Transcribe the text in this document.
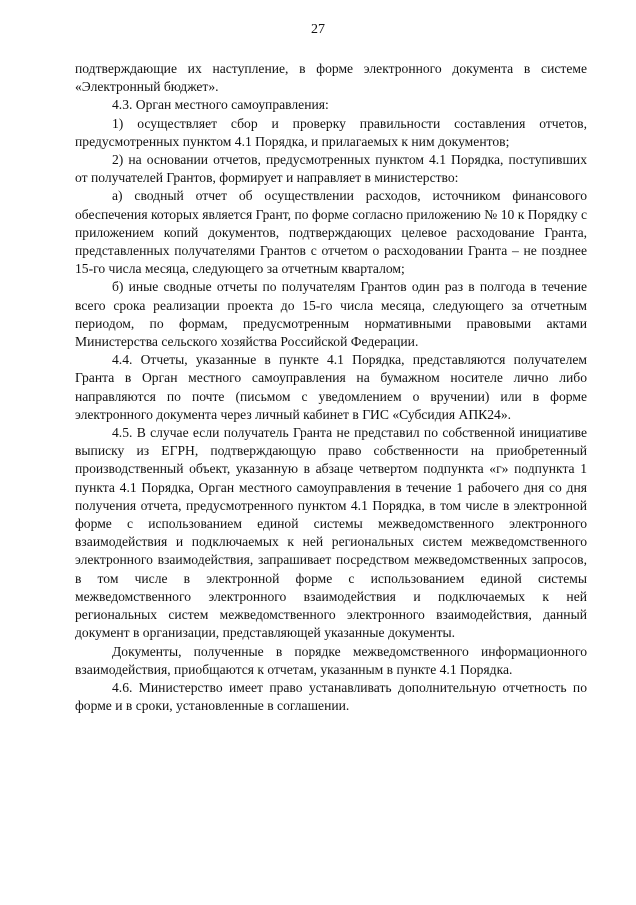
27

подтверждающие их наступление, в форме электронного документа в системе «Электронный бюджет».

4.3. Орган местного самоуправления:

1) осуществляет сбор и проверку правильности составления отчетов, предусмотренных пунктом 4.1 Порядка, и прилагаемых к ним документов;

2) на основании отчетов, предусмотренных пунктом 4.1 Порядка, поступивших от получателей Грантов, формирует и направляет в министерство:

а) сводный отчет об осуществлении расходов, источником финансового обеспечения которых является Грант, по форме согласно приложению № 10 к Порядку с приложением копий документов, подтверждающих целевое расходование Гранта, представленных получателями Грантов с отчетом о расходовании Гранта – не позднее 15-го числа месяца, следующего за отчетным кварталом;

б) иные сводные отчеты по получателям Грантов один раз в полгода в течение всего срока реализации проекта до 15-го числа месяца, следующего за отчетным периодом, по формам, предусмотренным нормативными правовыми актами Министерства сельского хозяйства Российской Федерации.

4.4. Отчеты, указанные в пункте 4.1 Порядка, представляются получателем Гранта в Орган местного самоуправления на бумажном носителе лично либо направляются по почте (письмом с уведомлением о вручении) или в форме электронного документа через личный кабинет в ГИС «Субсидия АПК24».

4.5. В случае если получатель Гранта не представил по собственной инициативе выписку из ЕГРН, подтверждающую право собственности на приобретенный производственный объект, указанную в абзаце четвертом подпункта «г» подпункта 1 пункта 4.1 Порядка, Орган местного самоуправления в течение 1 рабочего дня со дня получения отчета, предусмотренного пунктом 4.1 Порядка, в том числе в электронной форме с использованием единой системы межведомственного электронного взаимодействия и подключаемых к ней региональных систем межведомственного электронного взаимодействия, запрашивает посредством межведомственных запросов, в том числе в электронной форме с использованием единой системы межведомственного электронного взаимодействия и подключаемых к ней региональных систем межведомственного электронного взаимодействия, данный документ в организации, представляющей указанные документы.

Документы, полученные в порядке межведомственного информационного взаимодействия, приобщаются к отчетам, указанным в пункте 4.1 Порядка.

4.6. Министерство имеет право устанавливать дополнительную отчетность по форме и в сроки, установленные в соглашении.
